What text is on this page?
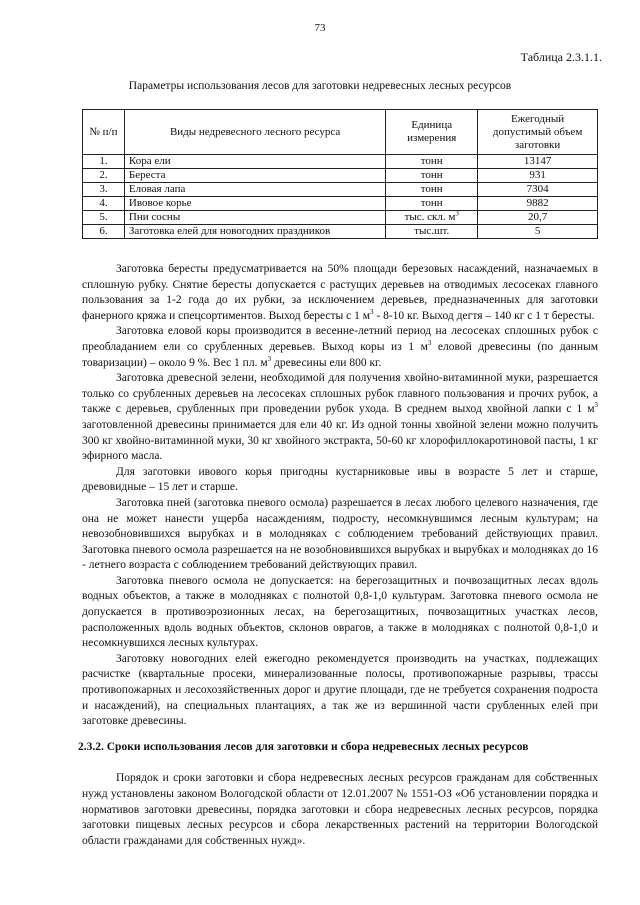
73
Таблица 2.3.1.1.
Параметры использования лесов для заготовки недревесных лесных ресурсов
№ п/п	Виды недревесного лесного ресурса	Единица измерения	Ежегодный допустимый объем заготовки
1.	Кора ели	тонн	13147
2.	Береста	тонн	931
3.	Еловая лапа	тонн	7304
4.	Ивовое корье	тонн	9882
5.	Пни сосны	тыс. скл. $м^3$	20,7
6.	Заготовка елей для новогодних праздников	тыс.шт.	5

Заготовка бересты предусматривается на 50% площади березовых насаждений, назначаемых в сплошную рубку. Снятие бересты допускается с растущих деревьев на отводимых лесосеках главного пользования за 1-2 года до их рубки, за исключением деревьев, предназначенных для заготовки фанерного кряжа и спецсортиментов. Выход бересты с 1 $м^3 - 8-10$ кг. Выход дегтя – 140 кг с 1 т бересты.

Заготовка еловой коры производится в весенне-летний период на лесосеках сплошных рубок с преобладанием ели со срубленных деревьев. Выход коры из 1 $м^3$ еловой древесины (по данным товаризации) – около 9 %. Вес 1 пл. $м^3$ древесины ели 800 кг.

Заготовка древесной зелени, необходимой для получения хвойно-витаминной муки, разрешается только со срубленных деревьев на лесосеках сплошных рубок главного пользования и прочих рубок, а также с деревьев, срубленных при проведении рубок ухода. В среднем выход хвойной лапки с 1 $м^3$ заготовленной древесины принимается для ели 40 кг. Из одной тонны хвойной зелени можно получить 300 кг хвойно-витаминной муки, 30 кг хвойного экстракта, 50-60 кг хлорофиллокаротиновой пасты, 1 кг эфирного масла.

Для заготовки ивового корья пригодны кустарниковые ивы в возрасте 5 лет и старше, древовидные – 15 лет и старше.

Заготовка пней (заготовка пневого осмола) разрешается в лесах любого целевого назначения, где она не может нанести ущерба насаждениям, подросту, несомкнувшимся лесным культурам; на невозобновившихся вырубках и в молодняках с соблюдением требований действующих правил. Заготовка пневого осмола разрешается на не возобновившихся вырубках и вырубках и молодняках до 16 - летнего возраста с соблюдением требований действующих правил.

Заготовка пневого осмола не допускается: на берегозащитных и почвозащитных лесах вдоль водных объектов, а также в молодняках с полнотой 0,8-1,0 культурам. Заготовка пневого осмола не допускается в противоэрозионных лесах, на берегозащитных, почвозащитных участках лесов, расположенных вдоль водных объектов, склонов оврагов, а также в молодняках с полнотой 0,8-1,0 и несомкнувшихся лесных культурах.

Заготовку новогодних елей ежегодно рекомендуется производить на участках, подлежащих расчистке (квартальные просеки, минерализованные полосы, противопожарные разрывы, трассы противопожарных и лесохозяйственных дорог и другие площади, где не требуется сохранения подроста и насаждений), на специальных плантациях, а так же из вершинной части срубленных елей при заготовке древесины.

2.3.2. Сроки использования лесов для заготовки и сбора недревесных лесных ресурсов

Порядок и сроки заготовки и сбора недревесных лесных ресурсов гражданам для собственных нужд установлены законом Вологодской области от 12.01.2007 № 1551-ОЗ «Об установлении порядка и нормативов заготовки древесины, порядка заготовки и сбора недревесных лесных ресурсов, порядка заготовки пищевых лесных ресурсов и сбора лекарственных растений на территории Вологодской области гражданами для собственных нужд».
